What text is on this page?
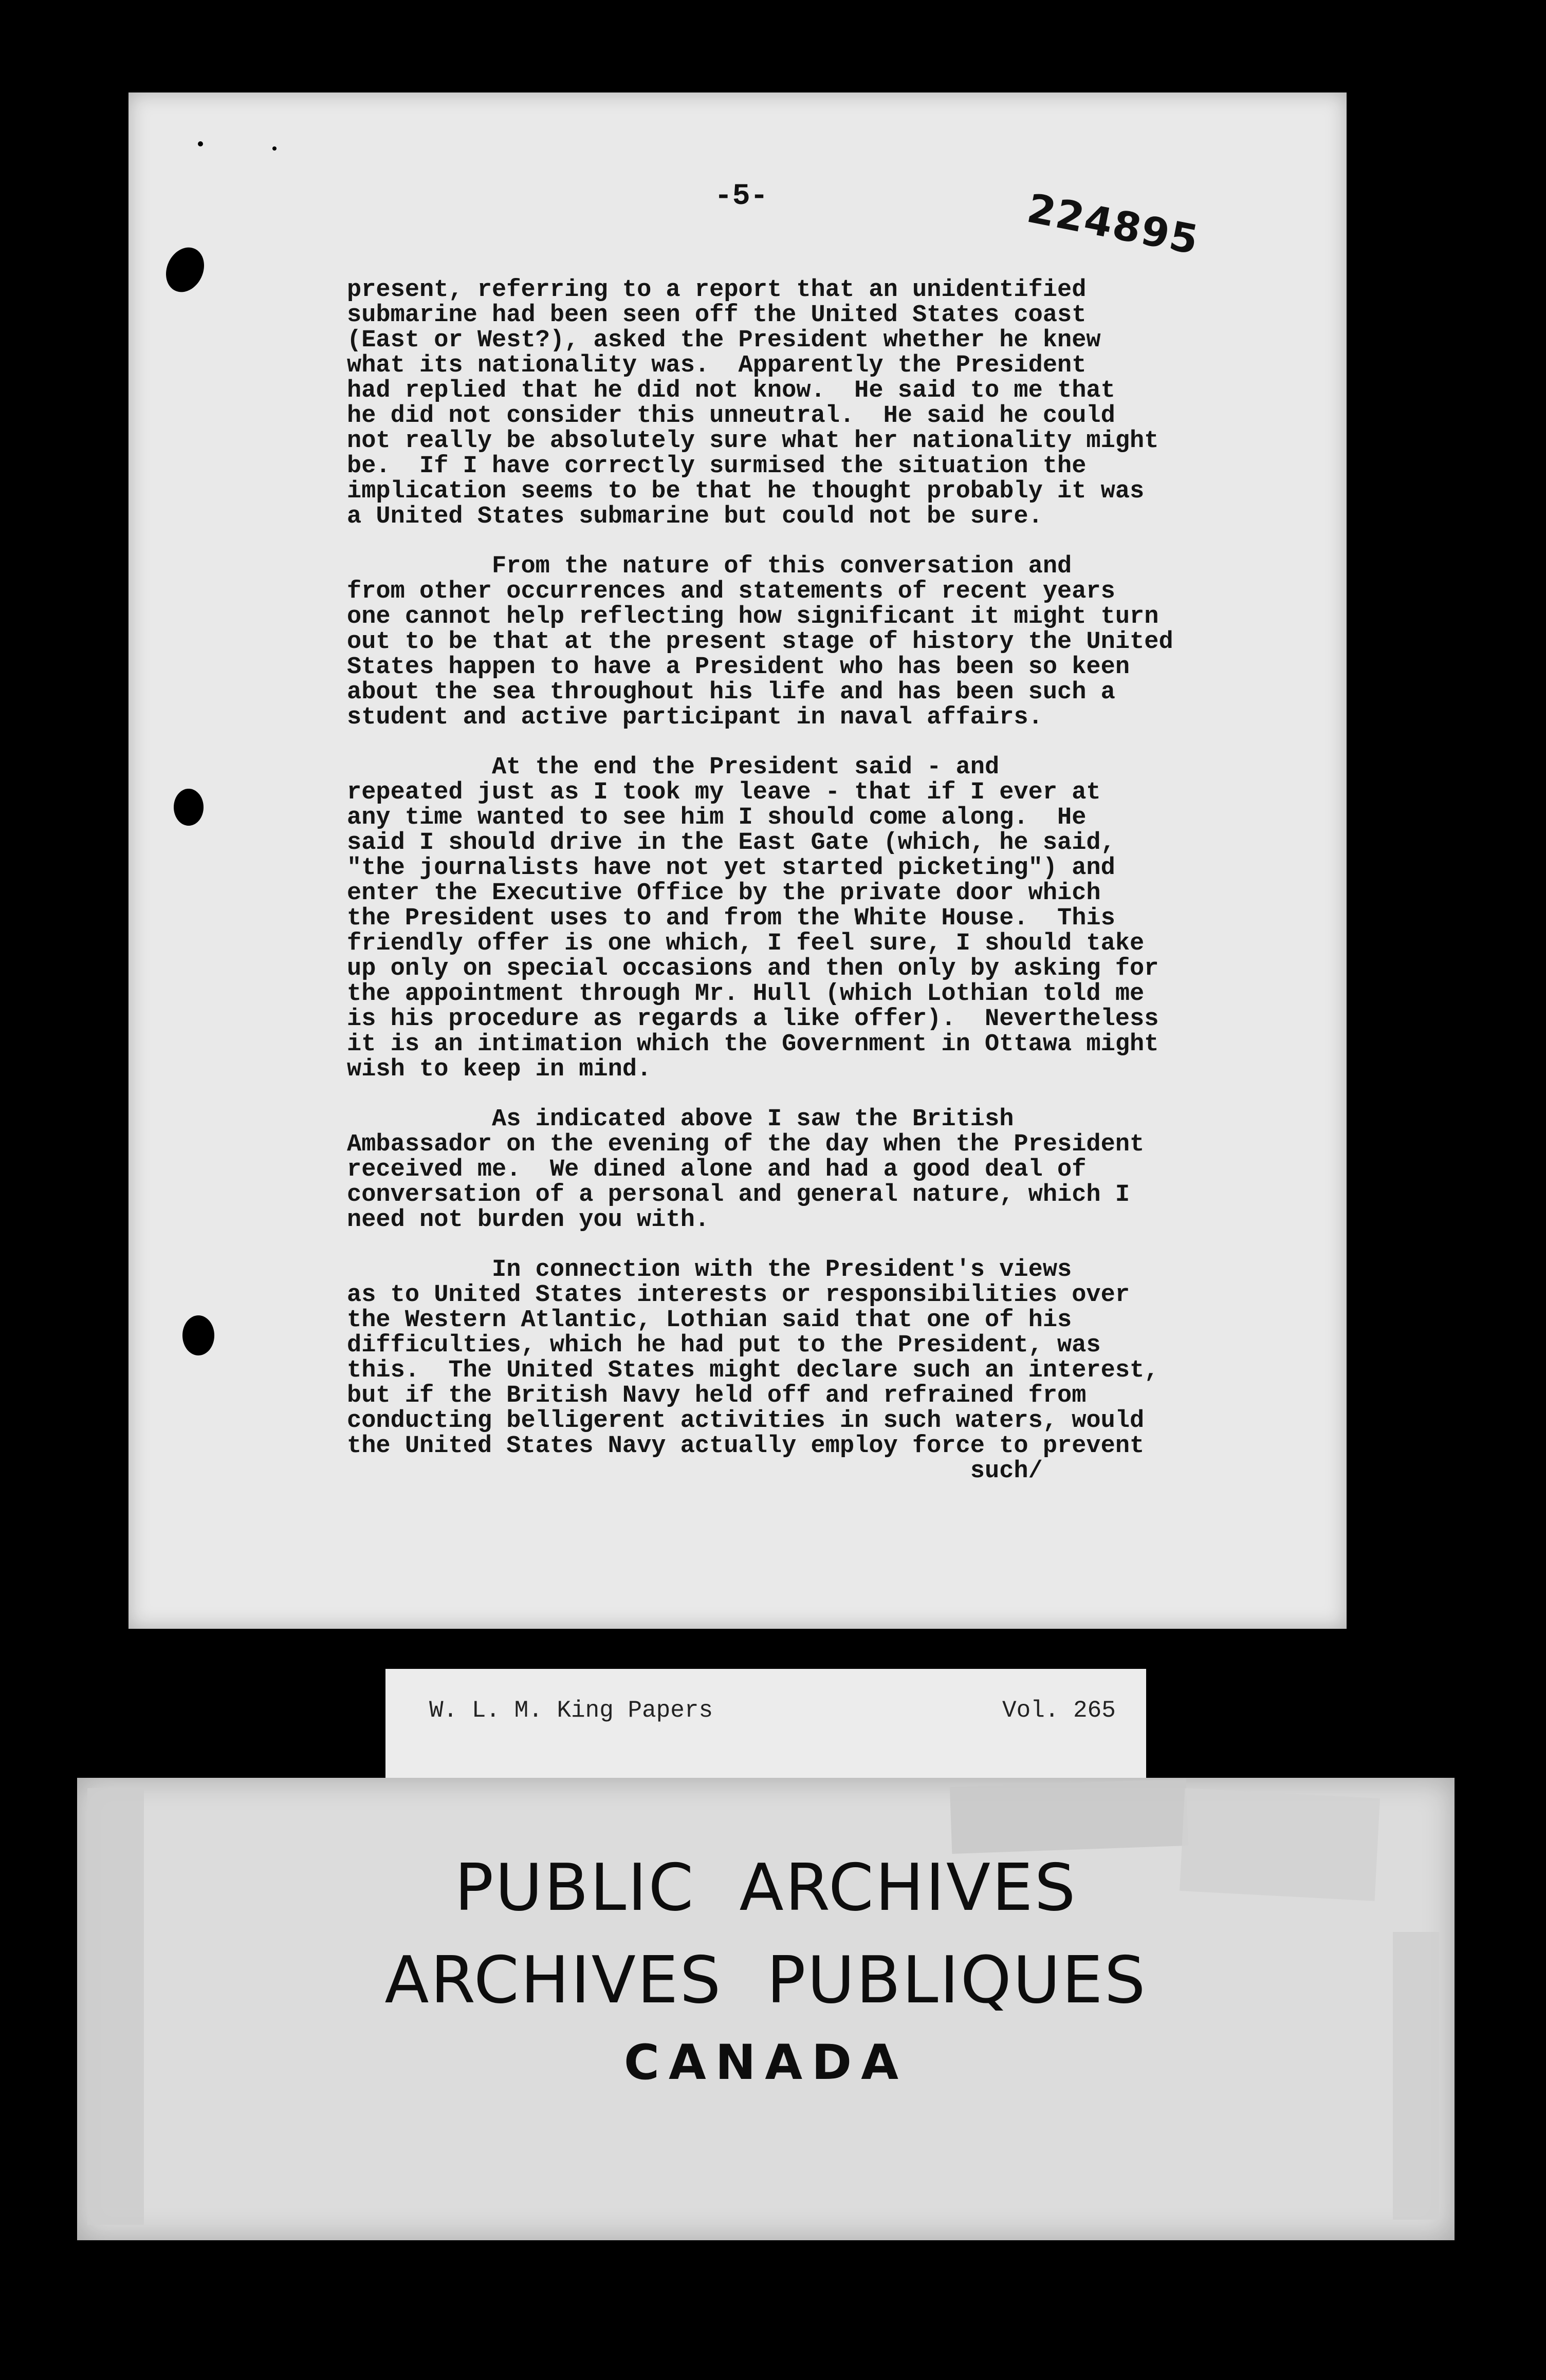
-5-	224895
present, referring to a report that an unidentified
submarine had been seen off the United States coast
(East or West?), asked the President whether he knew
what its nationality was.  Apparently the President
had replied that he did not know.  He said to me that
he did not consider this unneutral.  He said he could
not really be absolutely sure what her nationality might
be.  If I have correctly surmised the situation the
implication seems to be that he thought probably it was
a United States submarine but could not be sure.
From the nature of this conversation and
from other occurrences and statements of recent years
one cannot help reflecting how significant it might turn
out to be that at the present stage of history the United
States happen to have a President who has been so keen
about the sea throughout his life and has been such a
student and active participant in naval affairs.
At the end the President said - and
repeated just as I took my leave - that if I ever at
any time wanted to see him I should come along.  He
said I should drive in the East Gate (which, he said,
"the journalists have not yet started picketing") and
enter the Executive Office by the private door which
the President uses to and from the White House.  This
friendly offer is one which, I feel sure, I should take
up only on special occasions and then only by asking for
the appointment through Mr. Hull (which Lothian told me
is his procedure as regards a like offer).  Nevertheless
it is an intimation which the Government in Ottawa might
wish to keep in mind.
As indicated above I saw the British
Ambassador on the evening of the day when the President
received me.  We dined alone and had a good deal of
conversation of a personal and general nature, which I
need not burden you with.
In connection with the President's views
as to United States interests or responsibilities over
the Western Atlantic, Lothian said that one of his
difficulties, which he had put to the President, was
this.  The United States might declare such an interest,
but if the British Navy held off and refrained from
conducting belligerent activities in such waters, would
the United States Navy actually employ force to prevent
such/
W. L. M. King Papers	Vol. 265
PUBLIC  ARCHIVES
ARCHIVES  PUBLIQUES
CANADA
